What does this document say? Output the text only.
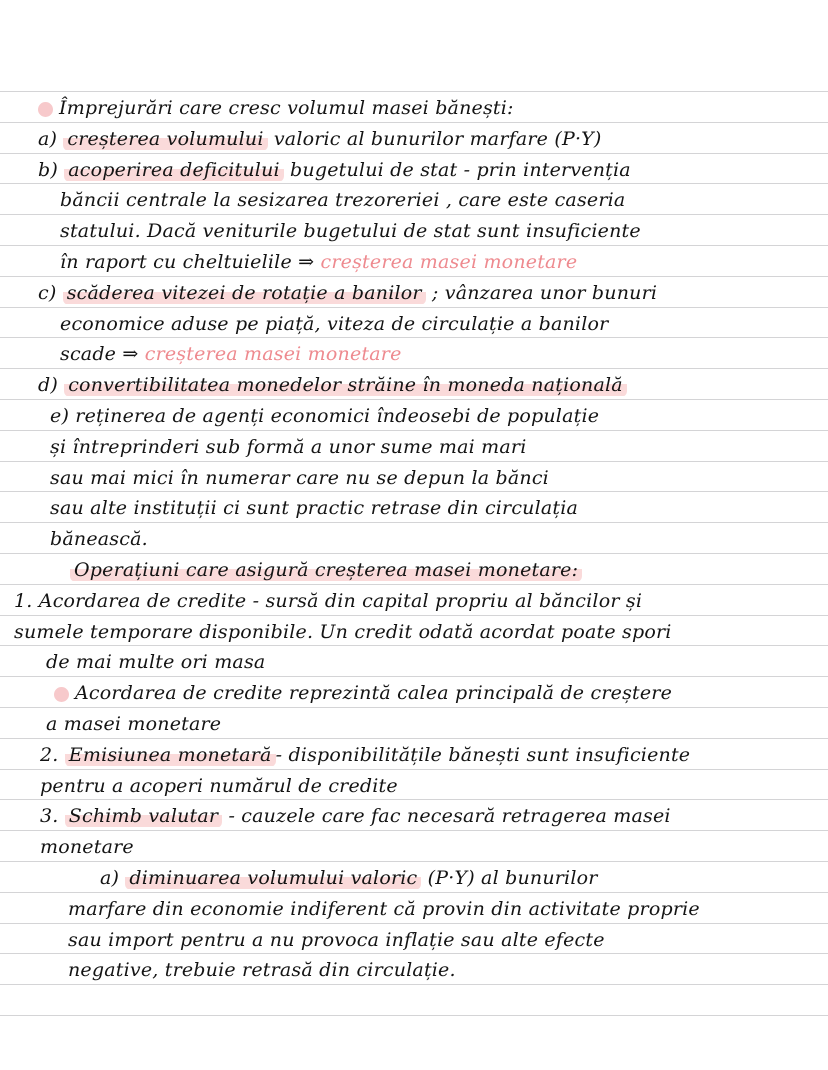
Împrejurări care cresc volumul masei bănești:
a) creșterea volumului valoric al bunurilor marfare (P·Y)
b) acoperirea deficitului bugetului de stat - prin intervenția
băncii centrale la sesizarea trezoreriei , care este caseria
statului. Dacă veniturile bugetului de stat sunt insuficiente
în raport cu cheltuielile ⇒ creșterea masei monetare
c) scăderea vitezei de rotație a banilor ; vânzarea unor bunuri
economice aduse pe piață, viteza de circulație a banilor
scade ⇒ creșterea masei monetare
d) convertibilitatea monedelor străine în moneda națională
e) reținerea de agenți economici îndeosebi de populație
și întreprinderi sub formă a unor sume mai mari
sau mai mici în numerar care nu se depun la bănci
sau alte instituții ci sunt practic retrase din circulația
bănească.
Operațiuni care asigură creșterea masei monetare:
1. Acordarea de credite - sursă din capital propriu al băncilor și
sumele temporare disponibile. Un credit odată acordat poate spori
de mai multe ori masa
Acordarea de credite reprezintă calea principală de creștere
a masei monetare
2. Emisiunea monetară - disponibilitățile bănești sunt insuficiente
pentru a acoperi numărul de credite
3. Schimb valutar - cauzele care fac necesară retragerea masei
monetare
a) diminuarea volumului valoric (P·Y) al bunurilor
marfare din economie indiferent că provin din activitate proprie
sau import pentru a nu provoca inflație sau alte efecte
negative, trebuie retrasă din circulație.
